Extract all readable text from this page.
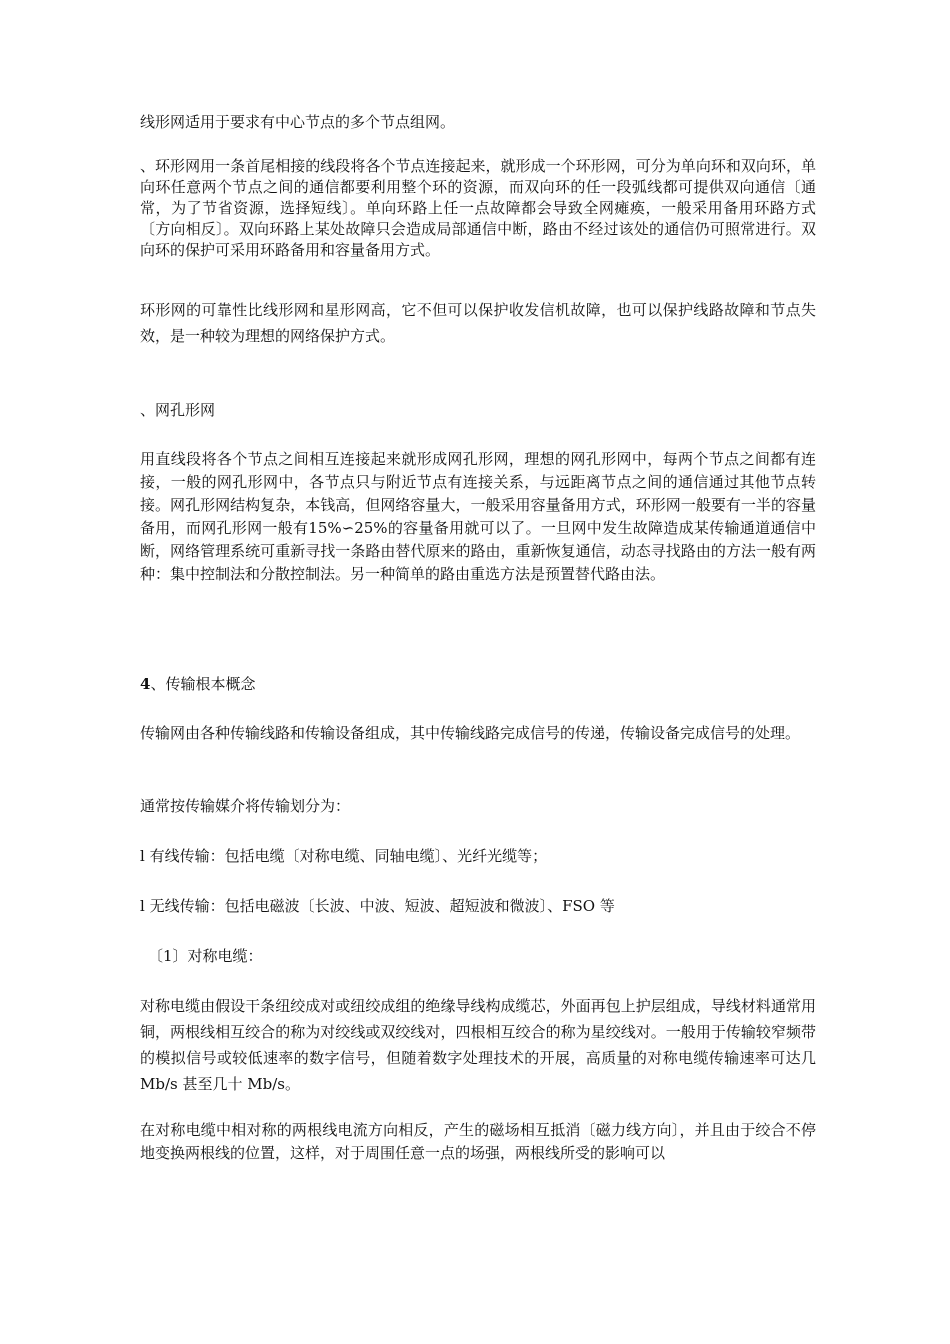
线形网适用于要求有中心节点的多个节点组网。

、环形网用一条首尾相接的线段将各个节点连接起来，就形成一个环形网，可分为单向环和双向环，单向环任意两个节点之间的通信都要利用整个环的资源，而双向环的任一段弧线都可提供双向通信〔通常，为了节省资源，选择短线〕。单向环路上任一点故障都会导致全网瘫痪，一般采用备用环路方式〔方向相反〕。双向环路上某处故障只会造成局部通信中断，路由不经过该处的通信仍可照常进行。双向环的保护可采用环路备用和容量备用方式。

环形网的可靠性比线形网和星形网高，它不但可以保护收发信机故障，也可以保护线路故障和节点失效，是一种较为理想的网络保护方式。

、网孔形网

用直线段将各个节点之间相互连接起来就形成网孔形网，理想的网孔形网中，每两个节点之间都有连接，一般的网孔形网中，各节点只与附近节点有连接关系，与远距离节点之间的通信通过其他节点转接。网孔形网结构复杂，本钱高，但网络容量大，一般采用容量备用方式，环形网一般要有一半的容量备用，而网孔形网一般有15%∽25%的容量备用就可以了。一旦网中发生故障造成某传输通道通信中断，网络管理系统可重新寻找一条路由替代原来的路由，重新恢复通信，动态寻找路由的方法一般有两种：集中控制法和分散控制法。另一种简单的路由重选方法是预置替代路由法。

4、传输根本概念

传输网由各种传输线路和传输设备组成，其中传输线路完成信号的传递，传输设备完成信号的处理。

通常按传输媒介将传输划分为：

l 有线传输：包括电缆〔对称电缆、同轴电缆〕、光纤光缆等；

l 无线传输：包括电磁波〔长波、中波、短波、超短波和微波〕、FSO 等

〔1〕对称电缆：

对称电缆由假设干条纽绞成对或纽绞成组的绝缘导线构成缆芯，外面再包上护层组成，导线材料通常用铜，两根线相互绞合的称为对绞线或双绞线对，四根相互绞合的称为星绞线对。一般用于传输较窄频带的模拟信号或较低速率的数字信号，但随着数字处理技术的开展，高质量的对称电缆传输速率可达几 Mb/s 甚至几十 Mb/s。

在对称电缆中相对称的两根线电流方向相反，产生的磁场相互抵消〔磁力线方向〕，并且由于绞合不停地变换两根线的位置，这样，对于周围任意一点的场强，两根线所受的影响可以
